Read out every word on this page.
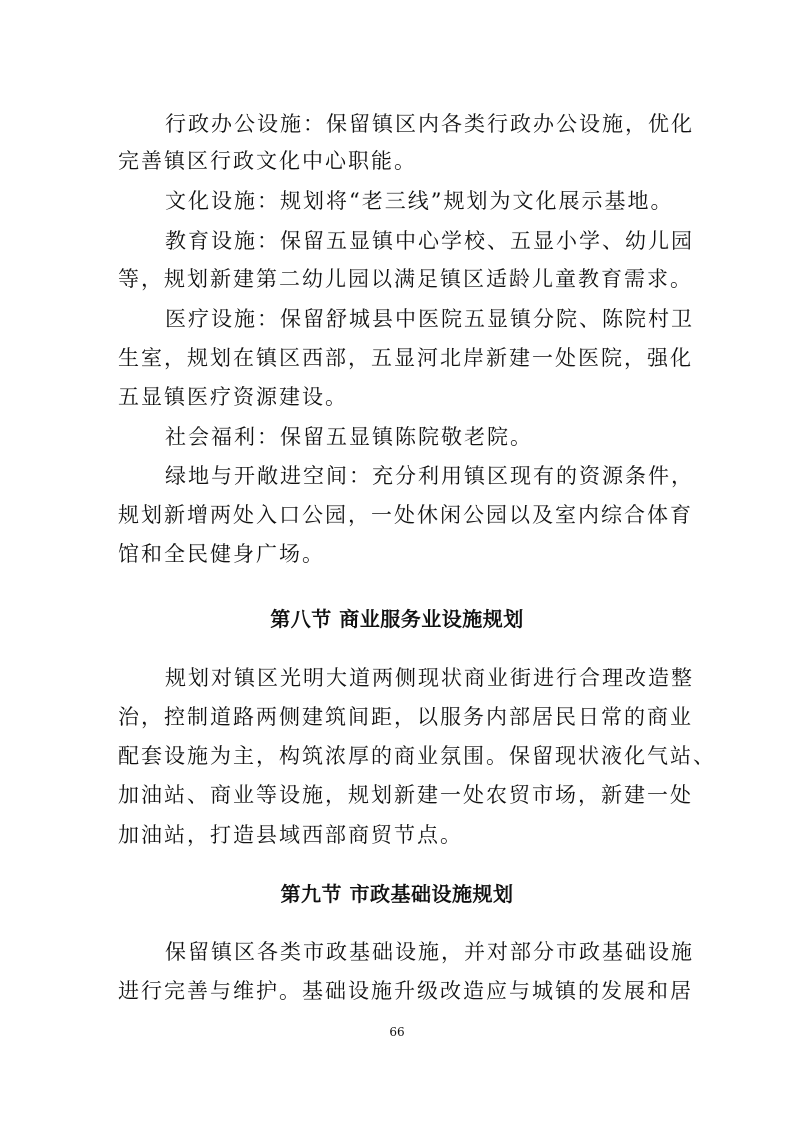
行政办公设施：保留镇区内各类行政办公设施，优化
完善镇区行政文化中心职能。
文化设施：规划将“老三线”规划为文化展示基地。
教育设施：保留五显镇中心学校、五显小学、幼儿园
等，规划新建第二幼儿园以满足镇区适龄儿童教育需求。
医疗设施：保留舒城县中医院五显镇分院、陈院村卫
生室，规划在镇区西部，五显河北岸新建一处医院，强化
五显镇医疗资源建设。
社会福利：保留五显镇陈院敬老院。
绿地与开敞进空间：充分利用镇区现有的资源条件，
规划新增两处入口公园，一处休闲公园以及室内综合体育
馆和全民健身广场。
第八节 商业服务业设施规划
规划对镇区光明大道两侧现状商业街进行合理改造整
治，控制道路两侧建筑间距，以服务内部居民日常的商业
配套设施为主，构筑浓厚的商业氛围。保留现状液化气站、
加油站、商业等设施，规划新建一处农贸市场，新建一处
加油站，打造县域西部商贸节点。
第九节 市政基础设施规划
保留镇区各类市政基础设施，并对部分市政基础设施
进行完善与维护。基础设施升级改造应与城镇的发展和居
66
